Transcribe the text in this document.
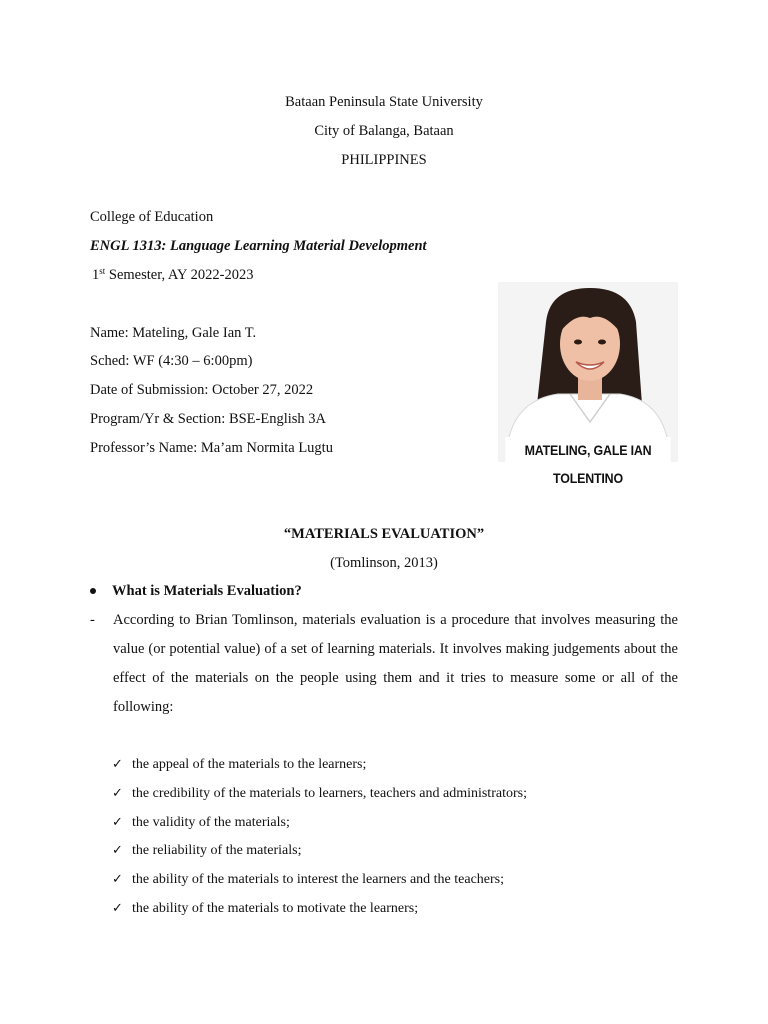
Bataan Peninsula State University
City of Balanga, Bataan
PHILIPPINES
College of Education
ENGL 1313: Language Learning Material Development
1st Semester, AY 2022-2023
Name: Mateling, Gale Ian T.
Sched: WF (4:30 – 6:00pm)
Date of Submission: October 27, 2022
Program/Yr & Section: BSE-English 3A
Professor’s Name: Ma’am Normita Lugtu	MATELING, GALE IAN TOLENTINO
“MATERIALS EVALUATION”
(Tomlinson, 2013)
What is Materials Evaluation?
- According to Brian Tomlinson, materials evaluation is a procedure that involves measuring the value (or potential value) of a set of learning materials. It involves making judgements about the effect of the materials on the people using them and it tries to measure some or all of the following:
✓ the appeal of the materials to the learners;
✓ the credibility of the materials to learners, teachers and administrators;
✓ the validity of the materials;
✓ the reliability of the materials;
✓ the ability of the materials to interest the learners and the teachers;
✓ the ability of the materials to motivate the learners;
